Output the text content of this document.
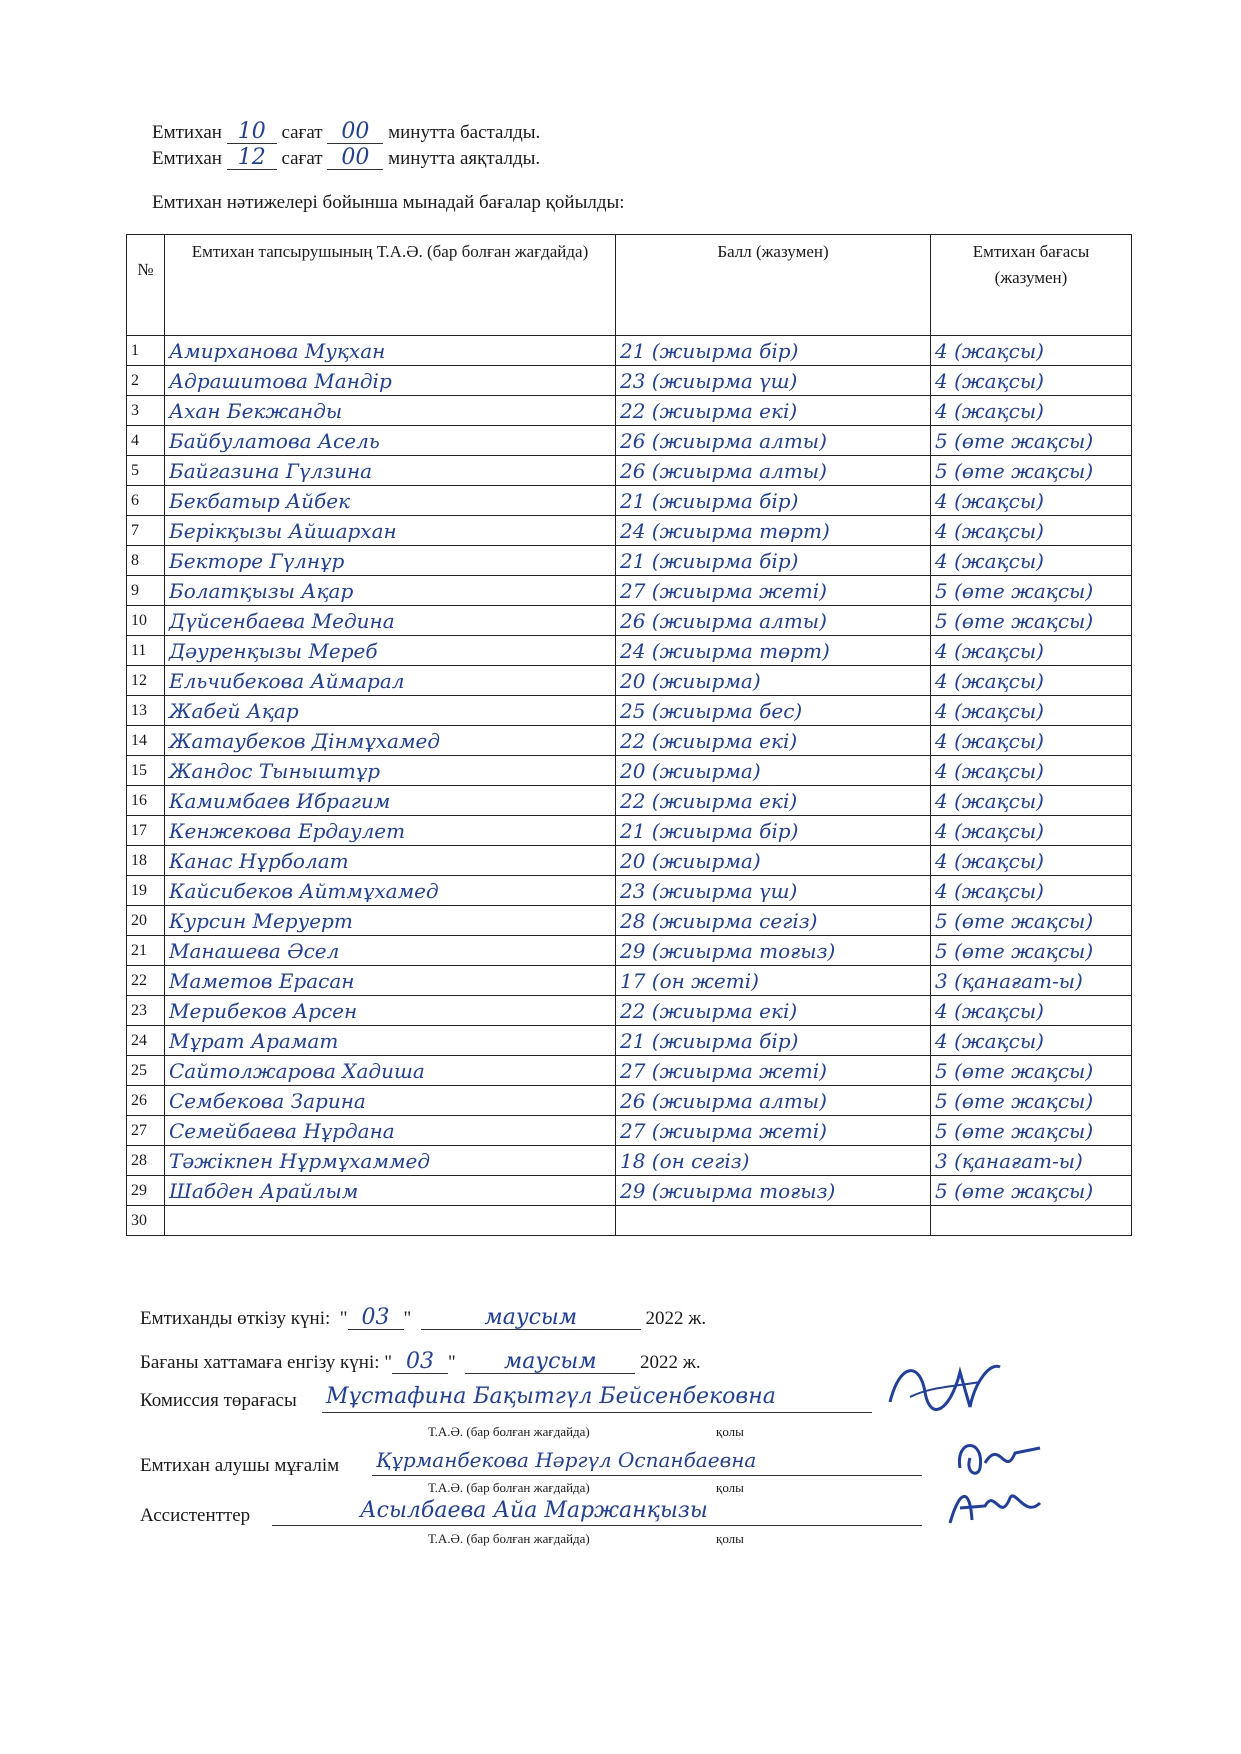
Емтихан 10 сағат 00 минутта басталды.
Емтихан 12 сағат 00 минутта аяқталды.
Емтихан нәтижелері бойынша мынадай бағалар қойылды:
№	Емтихан тапсырушының Т.А.Ә. (бар болған жағдайда)	Балл (жазумен)	Емтихан бағасы (жазумен)
1	Амирханова Муқхан	21 (жиырма бір)	4 (жақсы)
2	Адрашитова Мандір	23 (жиырма үш)	4 (жақсы)
3	Ахан Бекжанды	22 (жиырма екі)	4 (жақсы)
4	Байбулатова Асель	26 (жиырма алты)	5 (өте жақсы)
5	Байгазина Гүлзина	26 (жиырма алты)	5 (өте жақсы)
6	Бекбатыр Айбек	21 (жиырма бір)	4 (жақсы)
7	Берікқызы Айшархан	24 (жиырма төрт)	4 (жақсы)
8	Бекторе Гүлнұр	21 (жиырма бір)	4 (жақсы)
9	Болатқызы Ақар	27 (жиырма жеті)	5 (өте жақсы)
10	Дүйсенбаева Медина	26 (жиырма алты)	5 (өте жақсы)
11	Дәуренқызы Мереб	24 (жиырма төрт)	4 (жақсы)
12	Ельчибекова Аймарал	20 (жиырма)	4 (жақсы)
13	Жабей Ақар	25 (жиырма бес)	4 (жақсы)
14	Жатаубеков Дінмұхамед	22 (жиырма екі)	4 (жақсы)
15	Жандос Тыныштұр	20 (жиырма)	4 (жақсы)
16	Камимбаев Ибрагим	22 (жиырма екі)	4 (жақсы)
17	Кенжекова Ердаулет	21 (жиырма бір)	4 (жақсы)
18	Канас Нұрболат	20 (жиырма)	4 (жақсы)
19	Кайсибеков Айтмұхамед	23 (жиырма үш)	4 (жақсы)
20	Курсин Меруерт	28 (жиырма сегіз)	5 (өте жақсы)
21	Манашева Әсел	29 (жиырма тоғыз)	5 (өте жақсы)
22	Маметов Ерасан	17 (он жеті)	3 (қанағат-ы)
23	Мерибеков Арсен	22 (жиырма екі)	4 (жақсы)
24	Мұрат Арамат	21 (жиырма бір)	4 (жақсы)
25	Сайтолжарова Хадиша	27 (жиырма жеті)	5 (өте жақсы)
26	Сембекова Зарина	26 (жиырма алты)	5 (өте жақсы)
27	Семейбаева Нұрдана	27 (жиырма жеті)	5 (өте жақсы)
28	Тәжікпен Нұрмұхаммед	18 (он сегіз)	3 (қанағат-ы)
29	Шабден Арайлым	29 (жиырма тоғыз)	5 (өте жақсы)
30			
Емтиханды өткізу күні:  " 03 "	маусым	2022 ж.
Бағаны хаттамаға енгізу күні: " 03 "  маусым 2022 ж.
Комиссия төрағасы Мұстафина Бақытгүл Бейсенбековна
Т.А.Ә. (бар болған жағдайда)	қолы
Емтихан алушы мұғалім Құрманбекова Нәргүл Оспанбаевна
Т.А.Ә. (бар болған жағдайда)	қолы
Ассистенттер	Асылбаева Айа Маржанқызы
Т.А.Ә. (бар болған жағдайда)	қолы
